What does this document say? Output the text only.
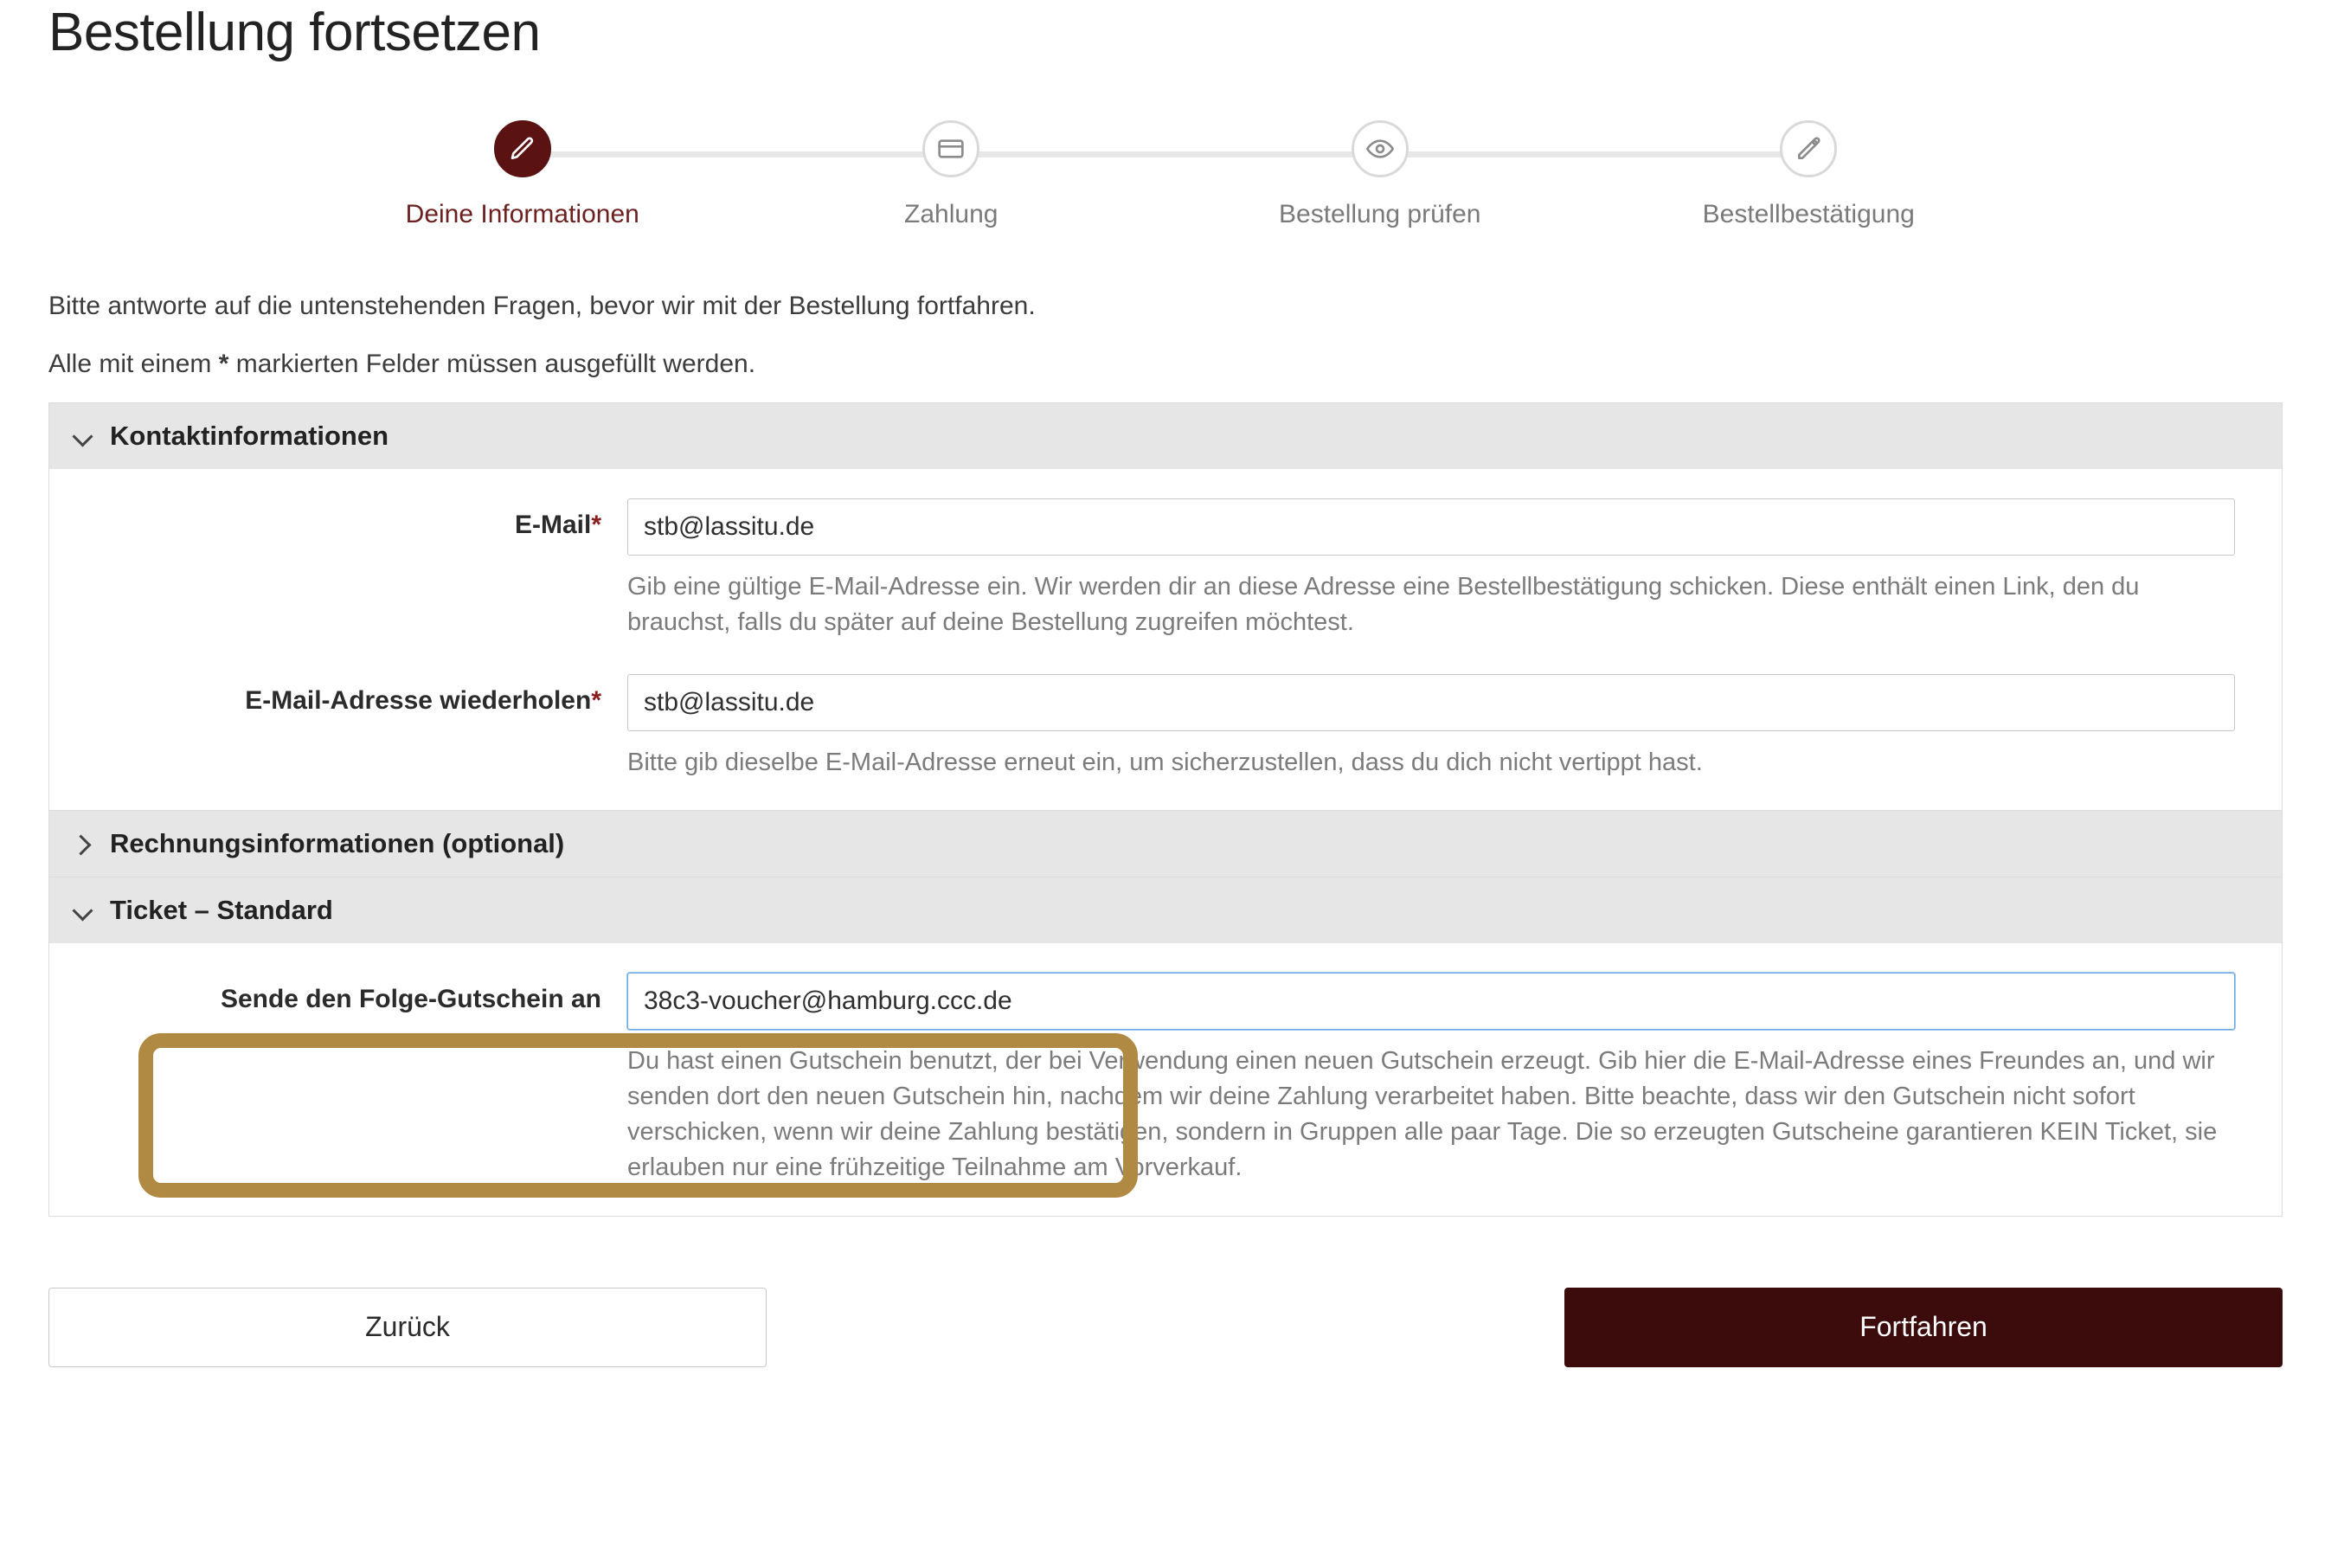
Bestellung fortsetzen
Deine Informationen	Zahlung	Bestellung prüfen	Bestellbestätigung

Bitte antworte auf die untenstehenden Fragen, bevor wir mit der Bestellung fortfahren.

Alle mit einem * markierten Felder müssen ausgefüllt werden.

Kontaktinformationen
E-Mail*
stb@lassitu.de
Gib eine gültige E-Mail-Adresse ein. Wir werden dir an diese Adresse eine Bestellbestätigung schicken. Diese enthält einen Link, den du brauchst, falls du später auf deine Bestellung zugreifen möchtest.
E-Mail-Adresse wiederholen*
stb@lassitu.de
Bitte gib dieselbe E-Mail-Adresse erneut ein, um sicherzustellen, dass du dich nicht vertippt hast.
Rechnungsinformationen (optional)
Ticket – Standard
Sende den Folge-Gutschein an
38c3-voucher@hamburg.ccc.de
Du hast einen Gutschein benutzt, der bei Verwendung einen neuen Gutschein erzeugt. Gib hier die E-Mail-Adresse eines Freundes an, und wir senden dort den neuen Gutschein hin, nachdem wir deine Zahlung verarbeitet haben. Bitte beachte, dass wir den Gutschein nicht sofort verschicken, wenn wir deine Zahlung bestätigen, sondern in Gruppen alle paar Tage. Die so erzeugten Gutscheine garantieren KEIN Ticket, sie erlauben nur eine frühzeitige Teilnahme am Vorverkauf.
Zurück	Fortfahren
